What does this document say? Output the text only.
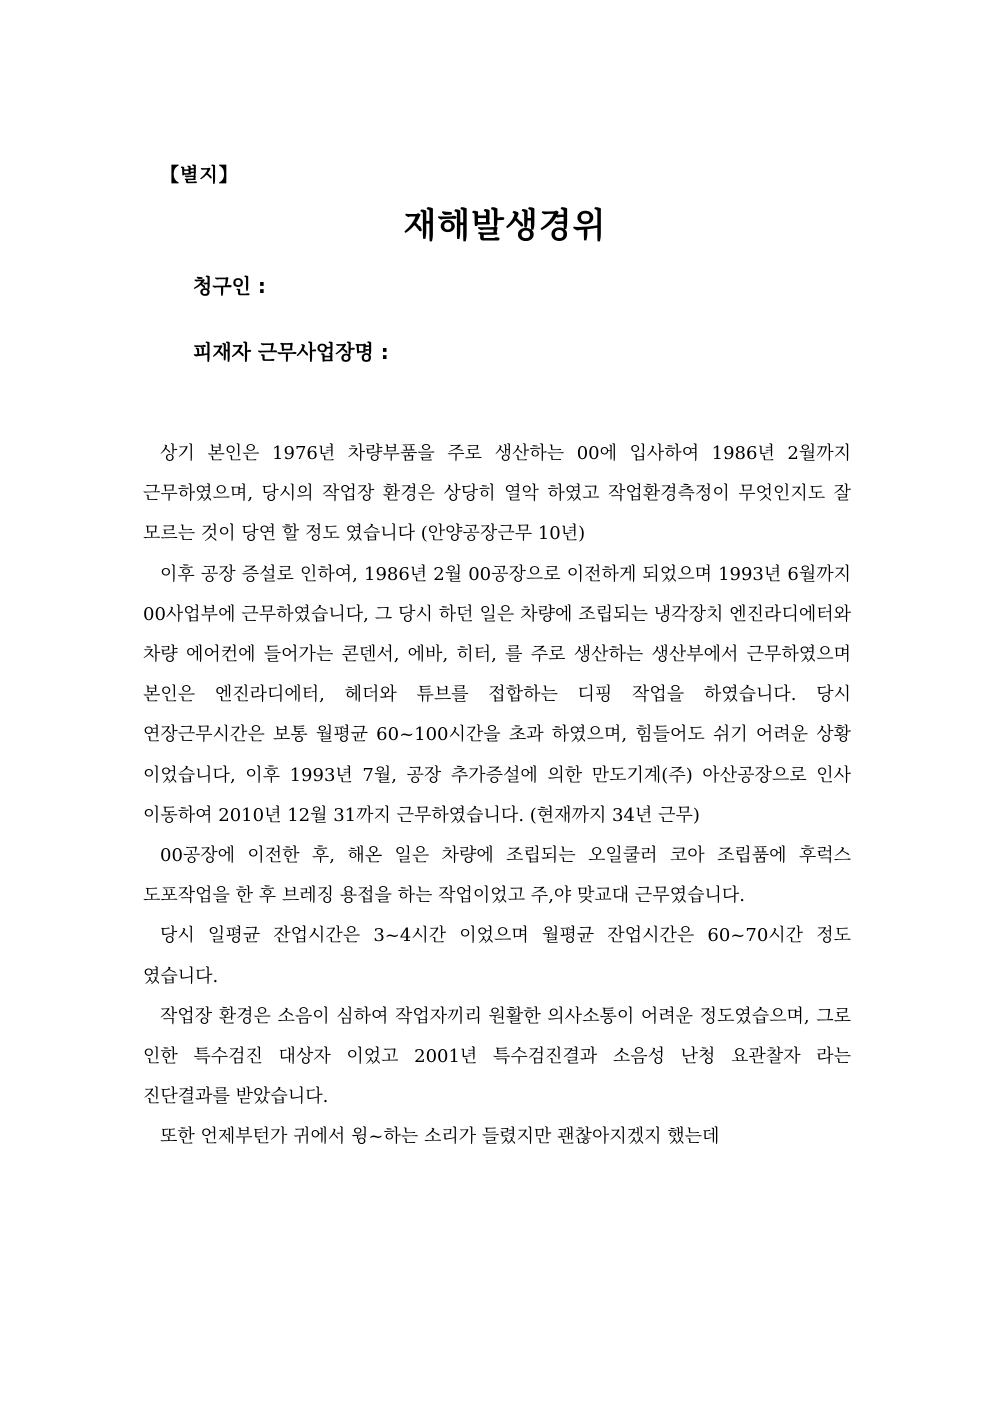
【별지】
재해발생경위
청구인 :
피재자 근무사업장명 :

상기 본인은 1976년 차량부품을 주로 생산하는 00에 입사하여 1986년 2월까지 근무하였으며, 당시의 작업장 환경은 상당히 열악 하였고 작업환경측정이 무엇인지도 잘 모르는 것이 당연 할 정도 였습니다 (안양공장근무 10년)

이후 공장 증설로 인하여, 1986년 2월 00공장으로 이전하게 되었으며 1993년 6월까지 00사업부에 근무하였습니다, 그 당시 하던 일은 차량에 조립되는 냉각장치 엔진라디에터와 차량 에어컨에 들어가는 콘덴서, 에바, 히터, 를 주로 생산하는 생산부에서 근무하였으며 본인은 엔진라디에터, 헤더와 튜브를 접합하는 디핑 작업을 하였습니다. 당시 연장근무시간은 보통 월평균 60~100시간을 초과 하였으며, 힘들어도 쉬기 어려운 상황 이었습니다, 이후 1993년 7월, 공장 추가증설에 의한 만도기계(주) 아산공장으로 인사 이동하여 2010년 12월 31까지 근무하였습니다. (현재까지 34년 근무)

00공장에 이전한 후, 해온 일은 차량에 조립되는 오일쿨러 코아 조립품에 후럭스 도포작업을 한 후 브레징 용접을 하는 작업이었고 주,야 맞교대 근무였습니다.

당시 일평균 잔업시간은 3~4시간 이었으며 월평균 잔업시간은 60~70시간 정도 였습니다.

작업장 환경은 소음이 심하여 작업자끼리 원활한 의사소통이 어려운 정도였습으며, 그로 인한 특수검진 대상자 이었고 2001년 특수검진결과 소음성 난청 요관찰자 라는 진단결과를 받았습니다.

또한 언제부턴가 귀에서 윙~하는 소리가 들렸지만 괜찮아지겠지 했는데
